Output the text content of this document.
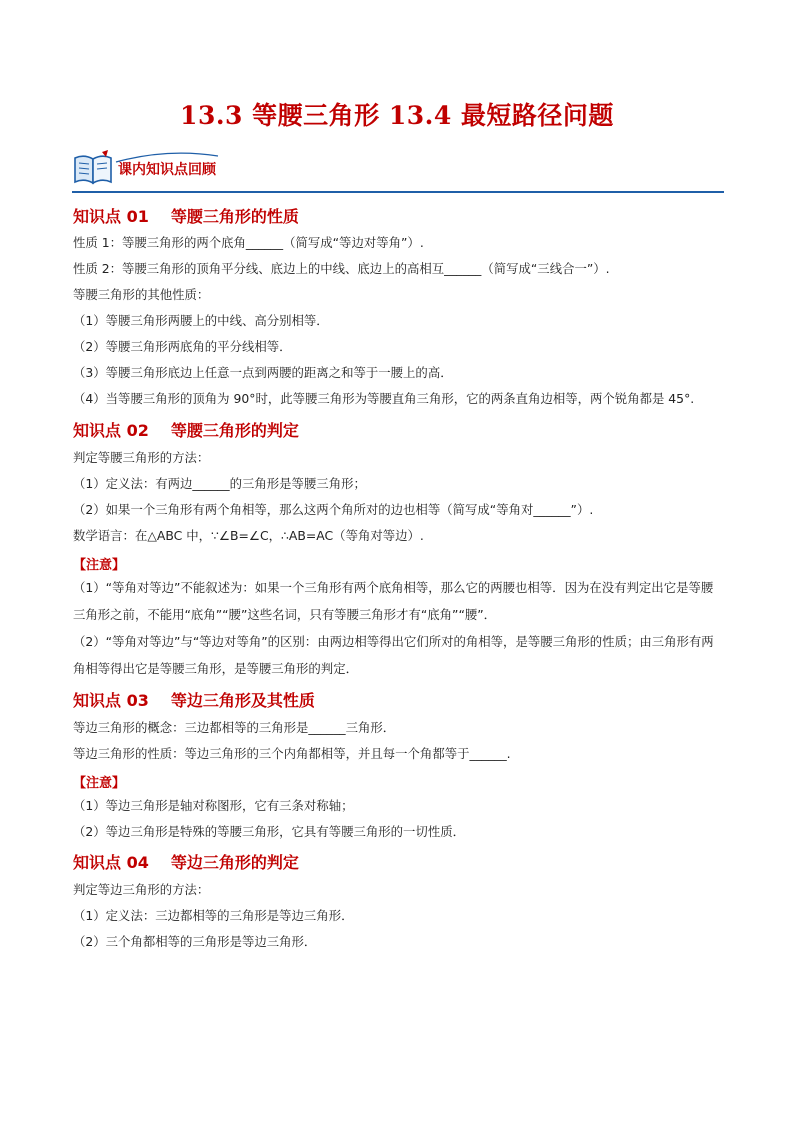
13.3 等腰三角形 13.4 最短路径问题
课内知识点回顾
知识点 01 等腰三角形的性质
性质 1：等腰三角形的两个底角______（简写成“等边对等角”）.
性质 2：等腰三角形的顶角平分线、底边上的中线、底边上的高相互______（简写成“三线合一”）.
等腰三角形的其他性质：
（1）等腰三角形两腰上的中线、高分别相等．
（2）等腰三角形两底角的平分线相等．
（3）等腰三角形底边上任意一点到两腰的距离之和等于一腰上的高．
（4）当等腰三角形的顶角为 90°时，此等腰三角形为等腰直角三角形，它的两条直角边相等，两个锐角都是 45°.
知识点 02 等腰三角形的判定
判定等腰三角形的方法：
（1）定义法：有两边______的三角形是等腰三角形；
（2）如果一个三角形有两个角相等，那么这两个角所对的边也相等（简写成“等角对______”）.
数学语言：在△ABC 中，∵∠B=∠C，∴AB=AC（等角对等边）.
【注意】
（1）“等角对等边”不能叙述为：如果一个三角形有两个底角相等，那么它的两腰也相等．因为在没有判定出它是等腰三角形之前，不能用“底角”“腰”这些名词，只有等腰三角形才有“底角”“腰”．
（2）“等角对等边”与“等边对等角”的区别：由两边相等得出它们所对的角相等，是等腰三角形的性质；由三角形有两角相等得出它是等腰三角形，是等腰三角形的判定．
知识点 03 等边三角形及其性质
等边三角形的概念：三边都相等的三角形是______三角形．
等边三角形的性质：等边三角形的三个内角都相等，并且每一个角都等于______.
【注意】
（1）等边三角形是轴对称图形，它有三条对称轴；
（2）等边三角形是特殊的等腰三角形，它具有等腰三角形的一切性质．
知识点 04 等边三角形的判定
判定等边三角形的方法：
（1）定义法：三边都相等的三角形是等边三角形．
（2）三个角都相等的三角形是等边三角形．
